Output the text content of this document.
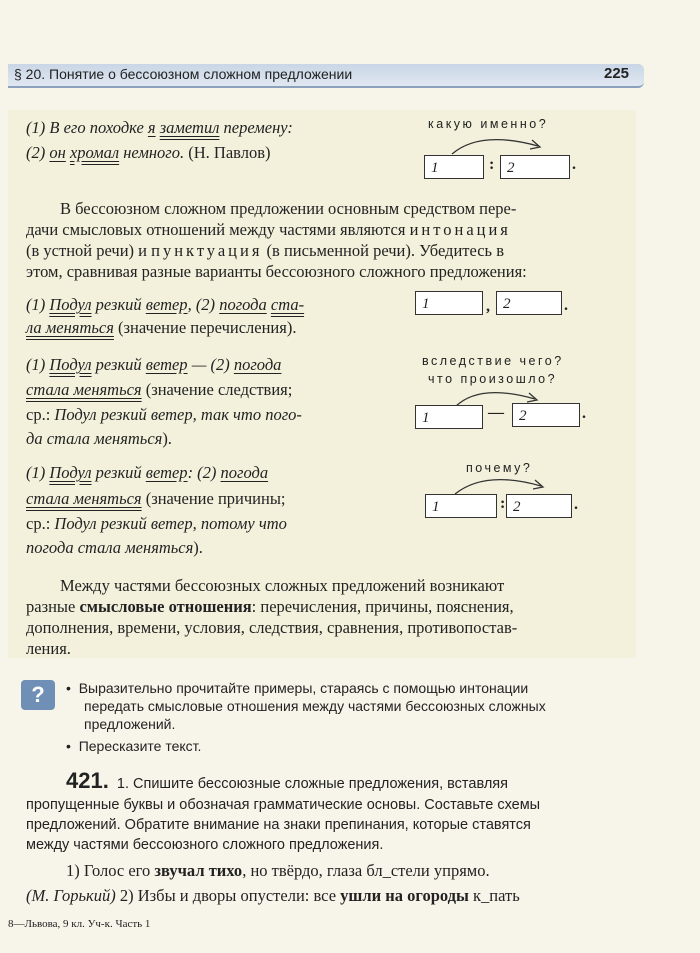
§ 20. Понятие о бессоюзном сложном предложении	225
(1) В его походке я заметил перемену:
(2) он хромал немного. (Н. Павлов)
какую именно?
1	: 2	.
В бессоюзном сложном предложении основным средством пере-
дачи смысловых отношений между частями являются интонация
(в устной речи) и пунктуация (в письменной речи). Убедитесь в
этом, сравнивая разные варианты бессоюзного сложного предложения:
(1) Подул резкий ветер, (2) погода ста-
ла меняться (значение перечисления).
1	, 2	.
(1) Подул резкий ветер — (2) погода
стала меняться (значение следствия;
ср.: Подул резкий ветер, так что пого-
да стала меняться).
вследствие чего?
что произошло?
1	—	2	.
(1) Подул резкий ветер: (2) погода
стала меняться (значение причины;
ср.: Подул резкий ветер, потому что
погода стала меняться).
почему?
1	: 2	.
Между частями бессоюзных сложных предложений возникают
разные смысловые отношения: перечисления, причины, пояснения,
дополнения, времени, условия, следствия, сравнения, противопостав-
ления.
?	•  Выразительно прочитайте примеры, стараясь с помощью интонации
передать смысловые отношения между частями бессоюзных сложных
предложений.
•  Пересказите текст.
421. 1. Спишите бессоюзные сложные предложения, вставляя
пропущенные буквы и обозначая грамматические основы. Составьте схемы
предложений. Обратите внимание на знаки препинания, которые ставятся
между частями бессоюзного сложного предложения.
1) Голос его звучал тихо, но твёрдо, глаза бл_стели упрямо.
(М. Горький) 2) Избы и дворы опустели: все ушли на огороды к_пать
8—Львова, 9 кл. Уч-к. Часть 1
